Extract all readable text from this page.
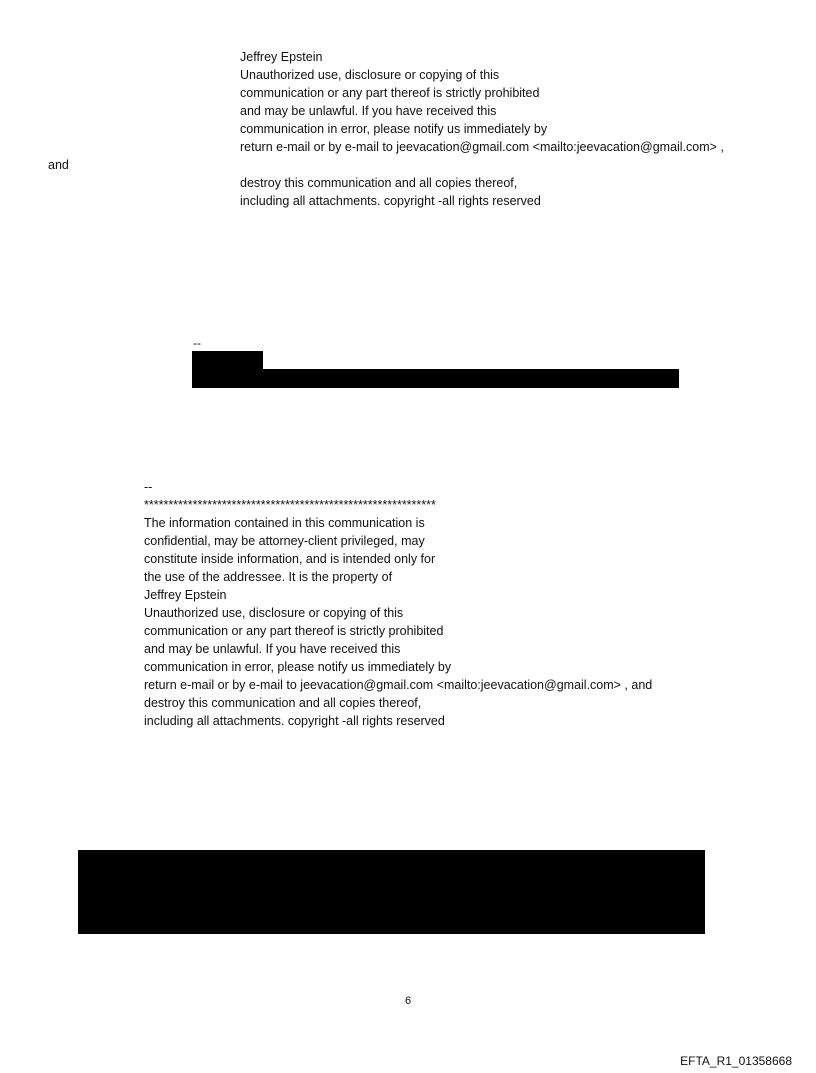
Jeffrey Epstein
Unauthorized use, disclosure or copying of this
communication or any part thereof is strictly prohibited
and may be unlawful. If you have received this
communication in error, please notify us immediately by
return e-mail or by e-mail to jeevacation@gmail.com <mailto:jeevacation@gmail.com> ,
and
destroy this communication and all copies thereof,
including all attachments. copyright -all rights reserved
--
--
************************************************************
The information contained in this communication is
confidential, may be attorney-client privileged, may
constitute inside information, and is intended only for
the use of the addressee. It is the property of
Jeffrey Epstein
Unauthorized use, disclosure or copying of this
communication or any part thereof is strictly prohibited
and may be unlawful. If you have received this
communication in error, please notify us immediately by
return e-mail or by e-mail to jeevacation@gmail.com <mailto:jeevacation@gmail.com> , and
destroy this communication and all copies thereof,
including all attachments. copyright -all rights reserved
6
EFTA_R1_01358668
